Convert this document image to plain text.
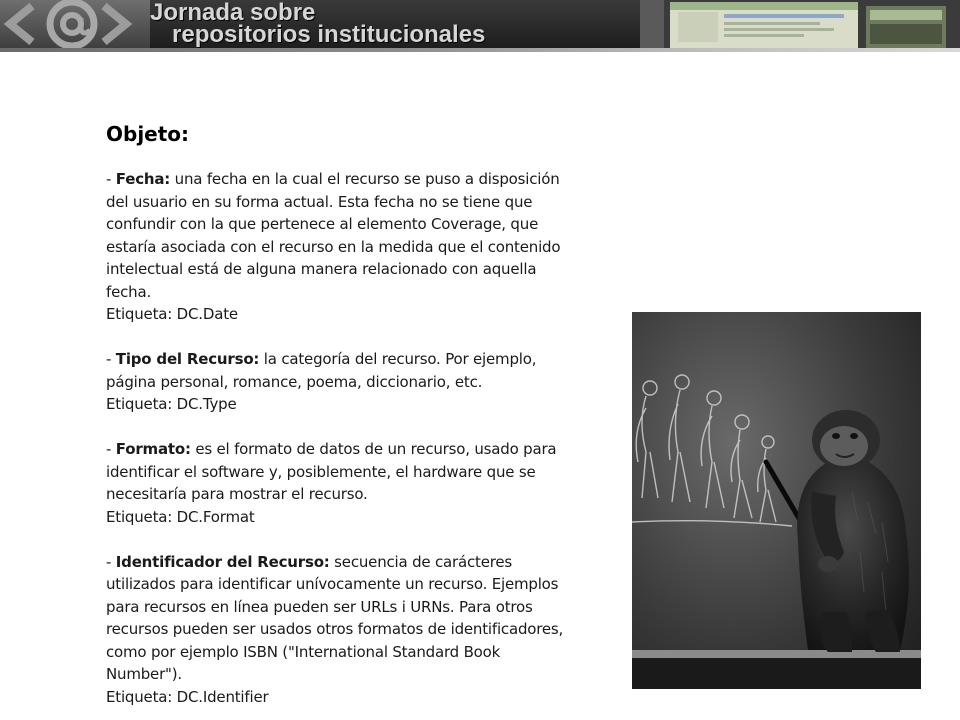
Jornada sobre
repositorios institucionales
Objeto:
- Fecha: una fecha en la cual el recurso se puso a disposición del usuario en su forma actual. Esta fecha no se tiene que confundir con la que pertenece al elemento Coverage, que estaría asociada con el recurso en la medida que el contenido intelectual está de alguna manera relacionado con aquella fecha.
Etiqueta: DC.Date
- Tipo del Recurso: la categoría del recurso. Por ejemplo, página personal, romance, poema, diccionario, etc.
Etiqueta: DC.Type
- Formato: es el formato de datos de un recurso, usado para identificar el software y, posiblemente, el hardware que se necesitaría para mostrar el recurso.
Etiqueta: DC.Format
- Identificador del Recurso: secuencia de carácteres utilizados para identificar unívocamente un recurso. Ejemplos para recursos en línea pueden ser URLs i URNs. Para otros recursos pueden ser usados otros formatos de identificadores, como por ejemplo ISBN ("International Standard Book Number").
Etiqueta: DC.Identifier
